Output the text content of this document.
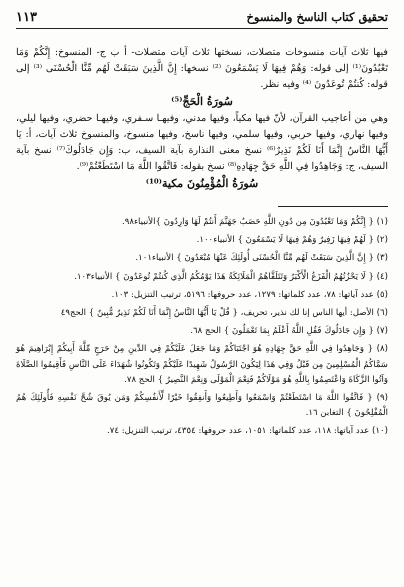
تحقيق كتاب الناسخ والمنسوخ
١١٣

فيها ثلاث آيات منسوخات متصلات، نسختها ثلاث آيات متصلات- أ ب ج- المنسوخ: إِنَّكُمْ وَمَا تَعْبُدُونَ⁽¹⁾ إلى قوله: وَهُمْ فِيهَا لَا يَسْمَعُونَ ⁽²⁾ نسخها: إِنَّ الَّذِينَ سَبَقَتْ لَهُم مِّنَّا الْحُسْنَى ⁽³⁾ إلى قوله: كُنتُمْ تُوعَدُونَ ⁽⁴⁾ وفيه نظر.

سُورَةُ الْحَجِّ⁽⁵⁾

وهي من أعاجيب القرآن، لأنّ فيها مكياً، وفيها مدني، وفيهـا سـفري، وفيهـا حضري، وفيها ليلي، وفيها نهاري، وفيها حربي، وفيها سلمي، وفيها ناسخ، وفيها منسوخ، والمنسوخ ثلاث آيات، أ: يَا أَيُّهَا النَّاسُ إِنَّمَا أَنَا لَكُمْ نَذِيرٌ⁽⁶⁾ نسخ معنى النذارة بآية السيف، ب: وَإِن جَادَلُوكَ⁽⁷⁾ نسخ بآية السيف، ج: وَجَاهِدُوا فِي اللَّهِ حَقَّ جِهَادِهِ⁽⁸⁾ نسخ بقوله: فَاتَّقُوا اللَّهَ مَا اسْتَطَعْتُمْ⁽⁹⁾.

سُورَةُ الْمُؤْمِنُونَ مكية⁽¹⁰⁾

(١) { إِنَّكُمْ وَمَا تَعْبُدُونَ مِن دُونِ اللَّهِ حَصَبُ جَهَنَّمَ أَنتُمْ لَهَا وَارِدُونَ }الأنبياء٩٨.

(٢) { لَهُمْ فِيهَا زَفِيرٌ وَهُمْ فِيهَا لَا يَسْمَعُونَ } الأنبياء١٠٠.

(٣) { إِنَّ الَّذِينَ سَبَقَتْ لَهُم مِّنَّا الْحُسْنَى أُولَئِكَ عَنْهَا مُبْعَدُونَ } الأنبياء١٠١.

(٤) { لَا يَحْزُنُهُمُ الْفَزَعُ الْأَكْبَرُ وَتَتَلَقَّاهُمُ الْمَلَائِكَةُ هَذَا يَوْمُكُمُ الَّذِي كُنتُمْ تُوعَدُونَ } الأنبياء١٠٣.

(٥) عدد آياتها: ٧٨، عدد كلماتها: ١٢٧٩، عدد حروفها: ٥١٩٦، ترتيب التنزيل: ١٠٣.

(٦) الأصل: أيها الناس إنا لك نذير، تحريف، { قُلْ يَا أَيُّهَا النَّاسُ إِنَّمَا أَنَا لَكُمْ نَذِيرٌ مُّبِينٌ } الحج٤٩

(٧) { وَإِن جَادَلُوكَ فَقُلِ اللَّهُ أَعْلَمُ بِمَا تَعْمَلُونَ } الحج ٦٨.

(٨) { وَجَاهِدُوا فِي اللَّهِ حَقَّ جِهَادِهِ هُوَ اجْتَبَاكُمْ وَمَا جَعَلَ عَلَيْكُمْ فِي الدِّينِ مِنْ حَرَجٍ مِّلَّةَ أَبِيكُمْ إِبْرَاهِيمَ هُوَ سَمَّاكُمُ الْمُسْلِمِينَ مِن قَبْلُ وَفِي هَذَا لِيَكُونَ الرَّسُولُ شَهِيدًا عَلَيْكُمْ وَتَكُونُوا شُهَدَاءَ عَلَى النَّاسِ فَأَقِيمُوا الصَّلَاةَ وَآتُوا الزَّكَاةَ وَاعْتَصِمُوا بِاللَّهِ هُوَ مَوْلَاكُمْ فَنِعْمَ الْمَوْلَى وَنِعْمَ النَّصِيرُ } الحج ٧٨.

(٩) { فَاتَّقُوا اللَّهَ مَا اسْتَطَعْتُمْ وَاسْمَعُوا وَأَطِيعُوا وَأَنفِقُوا خَيْرًا لِّأَنفُسِكُمْ وَمَن يُوقَ شُحَّ نَفْسِهِ فَأُولَئِكَ هُمُ الْمُفْلِحُونَ } التغابن ١٦.

(١٠) عدد آياتها: ١١٨، عدد كلماتها: ١٠٥١، عدد حروفها: ٤٣٥٤، ترتيب التنزيل: ٧٤.
